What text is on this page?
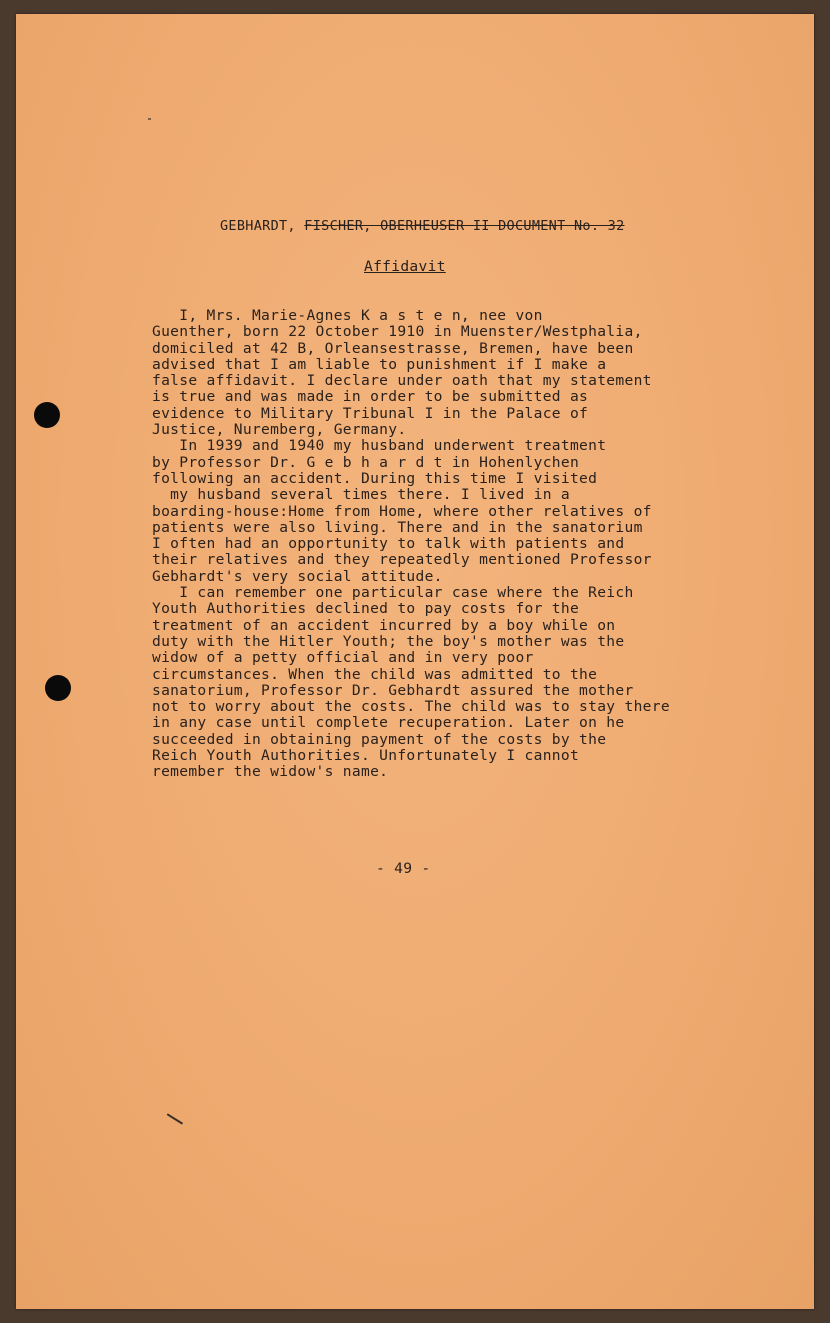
GEBHARDT, FISCHER, OBERHEUSER II DOCUMENT No. 32
Affidavit
I, Mrs. Marie-Agnes K a s t e n, nee von
Guenther, born 22 October 1910 in Muenster/Westphalia,
domiciled at 42 B, Orleansestrasse, Bremen, have been
advised that I am liable to punishment if I make a
false affidavit. I declare under oath that my statement
is true and was made in order to be submitted as
evidence to Military Tribunal I in the Palace of
Justice, Nuremberg, Germany.
In 1939 and 1940 my husband underwent treatment
by Professor Dr. G e b h a r d t in Hohenlychen
following an accident. During this time I visited
my husband several times there. I lived in a
boarding-house:Home from Home, where other relatives of
patients were also living. There and in the sanatorium
I often had an opportunity to talk with patients and
their relatives and they repeatedly mentioned Professor
Gebhardt's very social attitude.
I can remember one particular case where the Reich
Youth Authorities declined to pay costs for the
treatment of an accident incurred by a boy while on
duty with the Hitler Youth; the boy's mother was the
widow of a petty official and in very poor
circumstances. When the child was admitted to the
sanatorium, Professor Dr. Gebhardt assured the mother
not to worry about the costs. The child was to stay there
in any case until complete recuperation. Later on he
succeeded in obtaining payment of the costs by the
Reich Youth Authorities. Unfortunately I cannot
remember the widow's name.
- 49 -
